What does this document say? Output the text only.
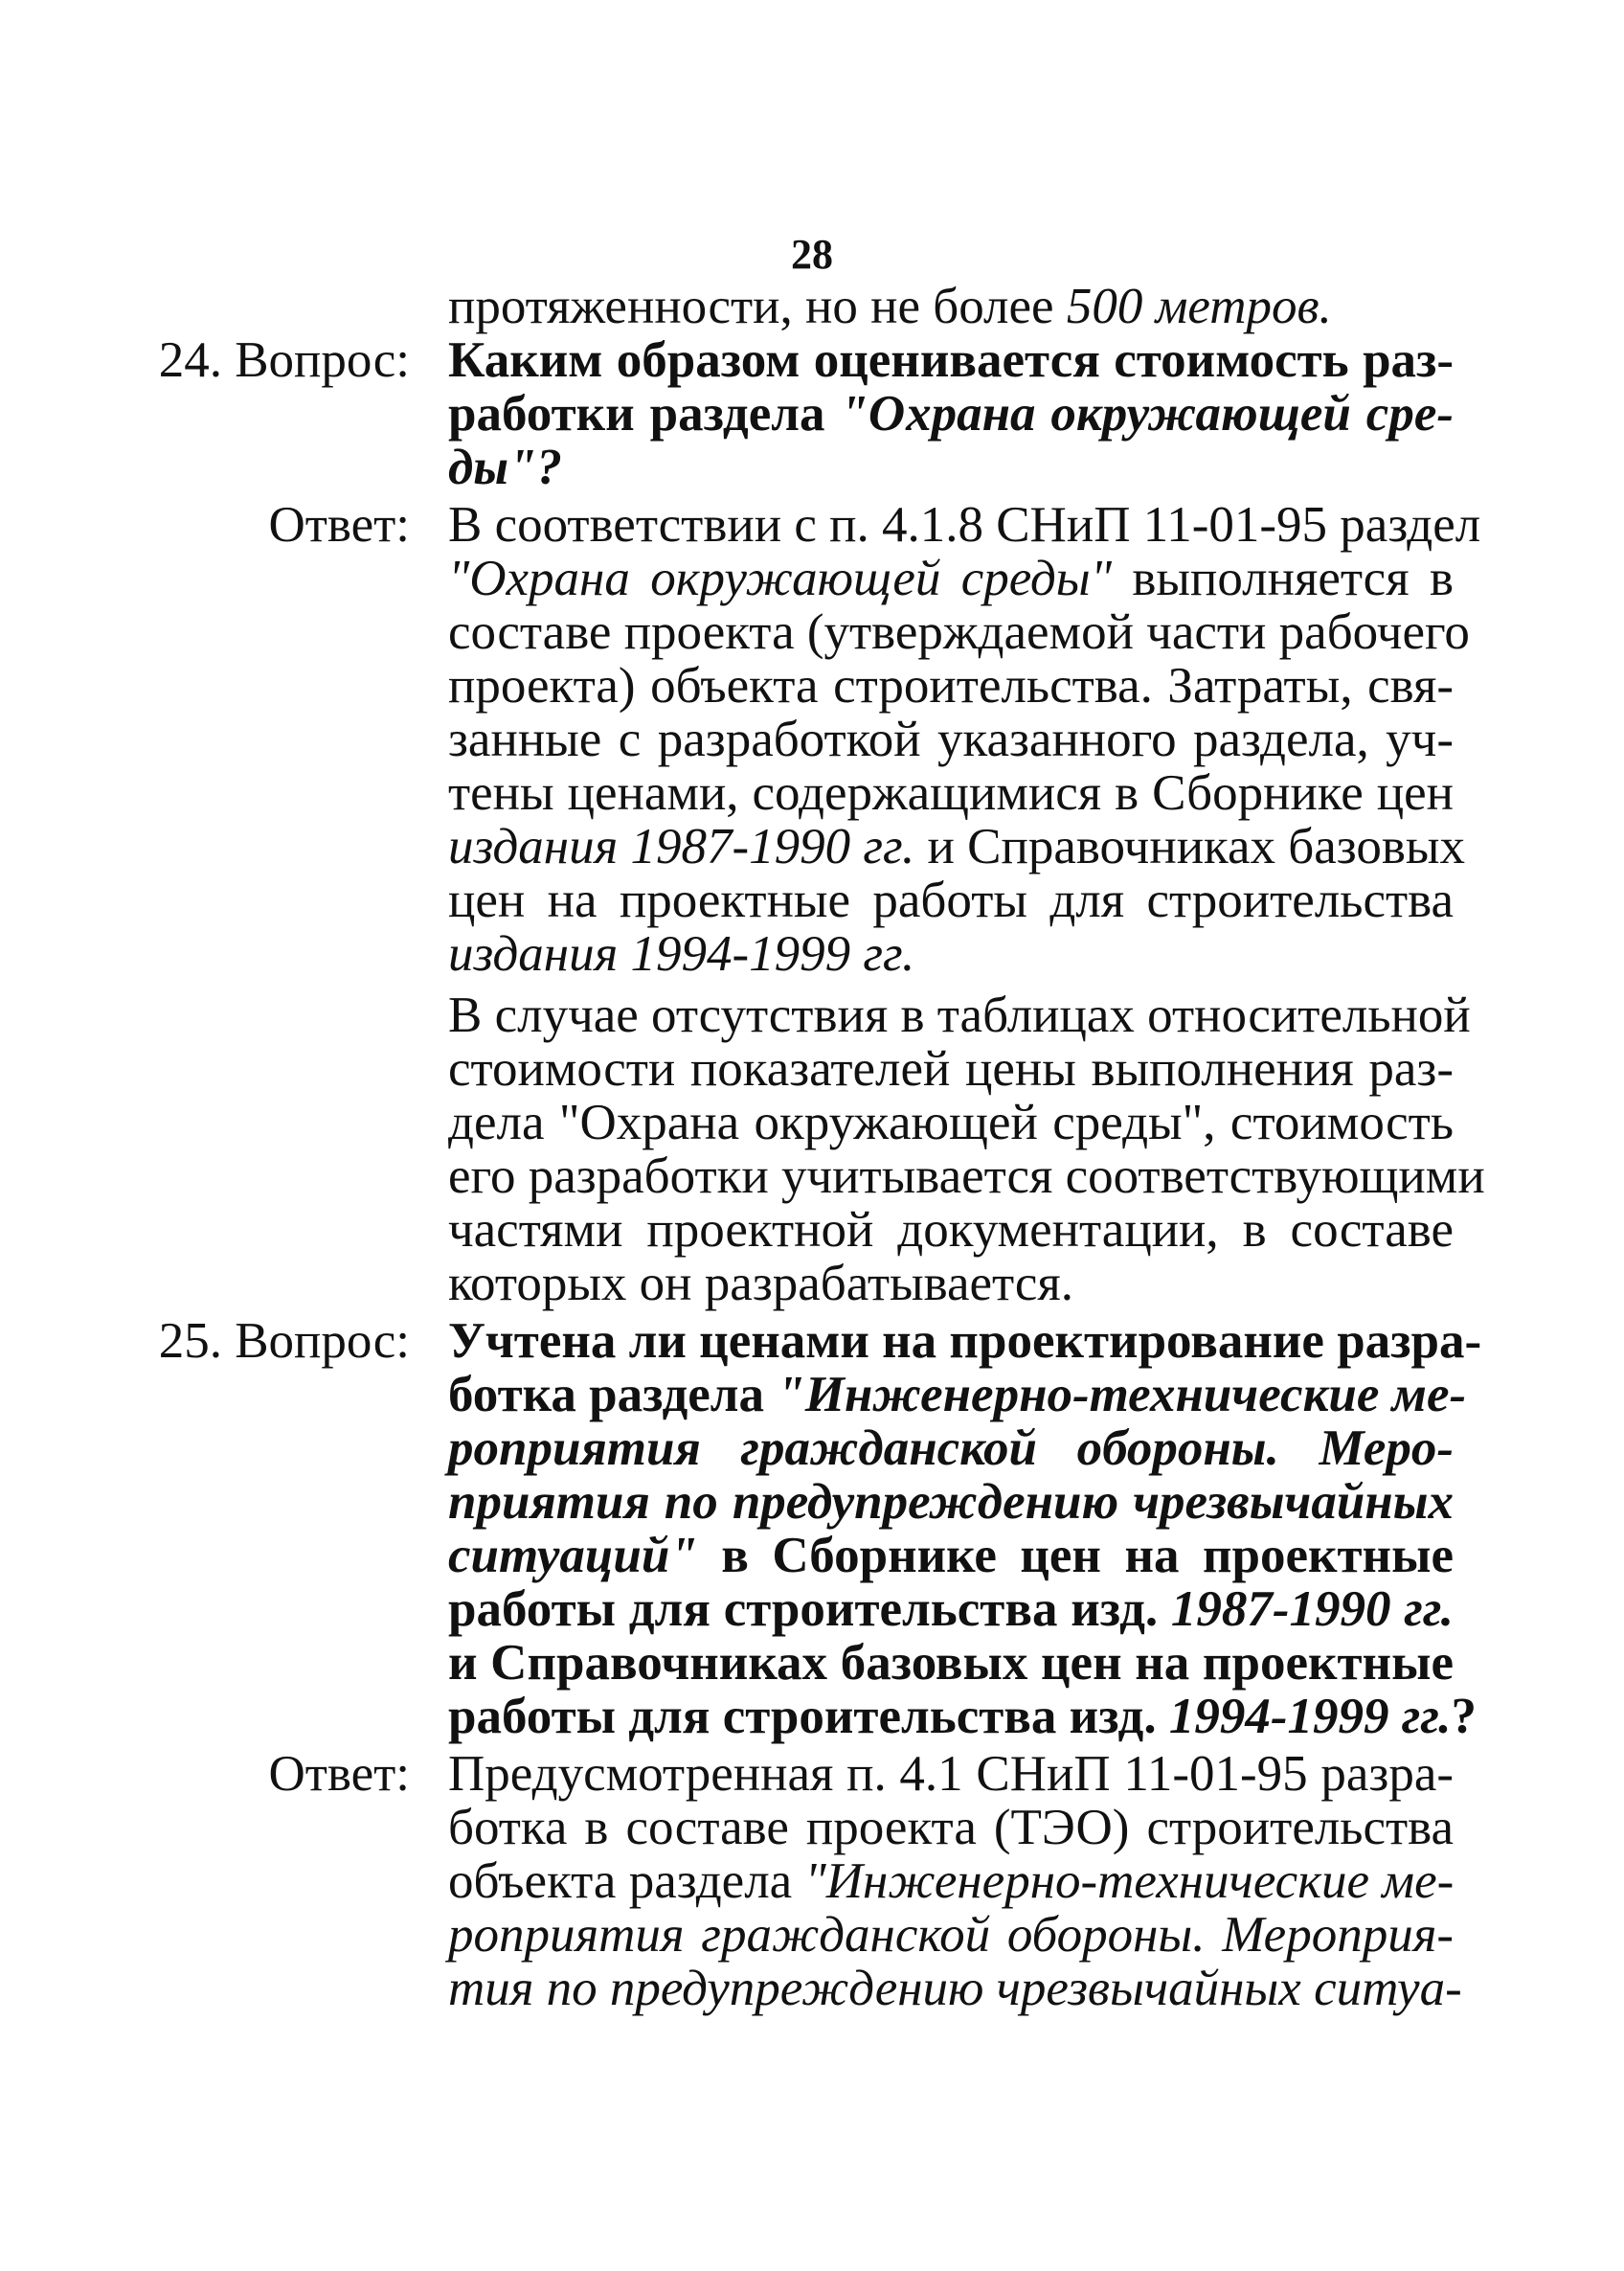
28
протяженности, но не более 500 метров.
24. Вопрос: Каким образом оценивается стоимость раз-
работки раздела "Охрана окружающей сре-
ды"?
Ответ: В соответствии с п. 4.1.8 СНиП 11-01-95 раздел
"Охрана окружающей среды" выполняется в
составе проекта (утверждаемой части рабочего
проекта) объекта строительства. Затраты, свя-
занные с разработкой указанного раздела, уч-
тены ценами, содержащимися в Сборнике цен
издания 1987-1990 гг. и Справочниках базовых
цен на проектные работы для строительства
издания 1994-1999 гг.
В случае отсутствия в таблицах относительной
стоимости показателей цены выполнения раз-
дела "Охрана окружающей среды", стоимость
его разработки учитывается соответствующими
частями проектной документации, в составе
которых он разрабатывается.
25. Вопрос: Учтена ли ценами на проектирование разра-
ботка раздела "Инженерно-технические ме-
роприятия гражданской обороны. Меро-
приятия по предупреждению чрезвычайных
ситуаций" в Сборнике цен на проектные
работы для строительства изд. 1987-1990 гг.
и Справочниках базовых цен на проектные
работы для строительства изд. 1994-1999 гг.?
Ответ: Предусмотренная п. 4.1 СНиП 11-01-95 разра-
ботка в составе проекта (ТЭО) строительства
объекта раздела "Инженерно-технические ме-
роприятия гражданской обороны. Мероприя-
тия по предупреждению чрезвычайных ситуа-
